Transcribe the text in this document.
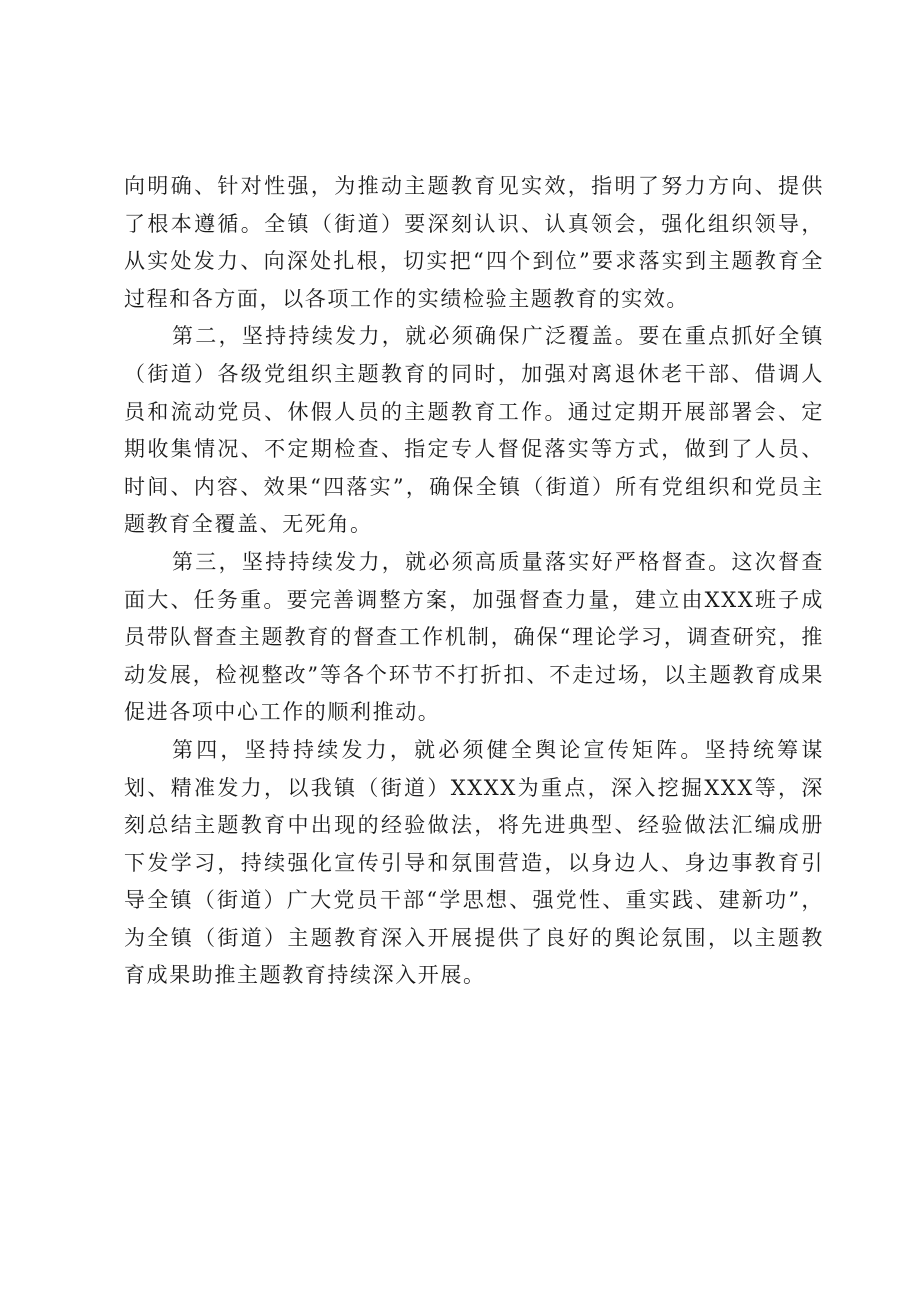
向明确、针对性强，为推动主题教育见实效，指明了努力方向、提供了根本遵循。全镇（街道）要深刻认识、认真领会，强化组织领导，从实处发力、向深处扎根，切实把“四个到位”要求落实到主题教育全过程和各方面，以各项工作的实绩检验主题教育的实效。

第二，坚持持续发力，就必须确保广泛覆盖。要在重点抓好全镇（街道）各级党组织主题教育的同时，加强对离退休老干部、借调人员和流动党员、休假人员的主题教育工作。通过定期开展部署会、定期收集情况、不定期检查、指定专人督促落实等方式，做到了人员、时间、内容、效果“四落实”，确保全镇（街道）所有党组织和党员主题教育全覆盖、无死角。

第三，坚持持续发力，就必须高质量落实好严格督查。这次督查面大、任务重。要完善调整方案，加强督查力量，建立由XXX班子成员带队督查主题教育的督查工作机制，确保“理论学习，调查研究，推动发展，检视整改”等各个环节不打折扣、不走过场，以主题教育成果促进各项中心工作的顺利推动。

第四，坚持持续发力，就必须健全舆论宣传矩阵。坚持统筹谋划、精准发力，以我镇（街道）XXXX为重点，深入挖掘XXX等，深刻总结主题教育中出现的经验做法，将先进典型、经验做法汇编成册下发学习，持续强化宣传引导和氛围营造，以身边人、身边事教育引导全镇（街道）广大党员干部“学思想、强党性、重实践、建新功”，为全镇（街道）主题教育深入开展提供了良好的舆论氛围，以主题教育成果助推主题教育持续深入开展。
